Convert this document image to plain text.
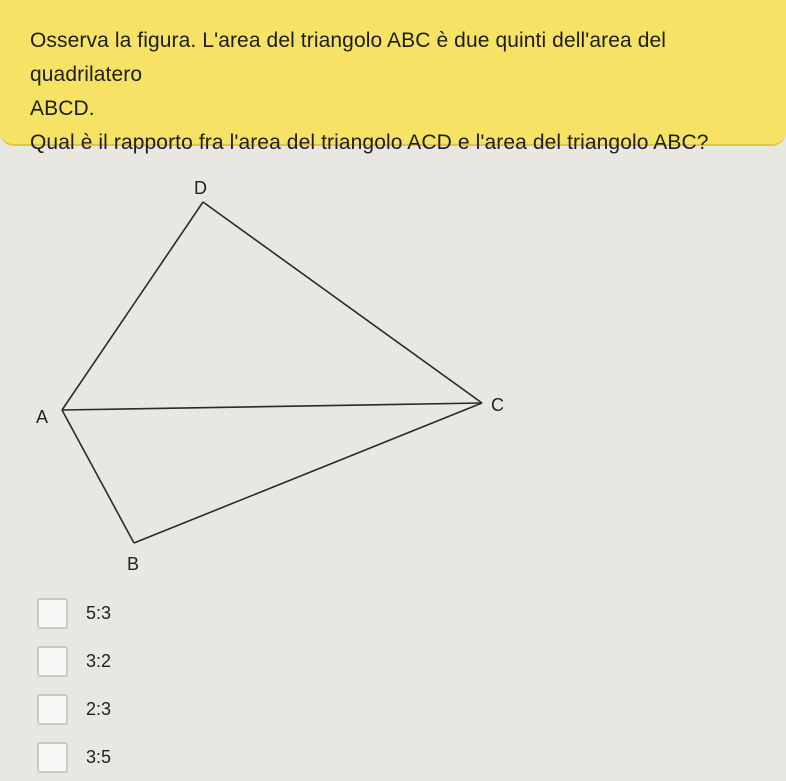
Osserva la figura. L'area del triangolo ABC è due quinti dell'area del quadrilatero

ABCD.

Qual è il rapporto fra l'area del triangolo ACD e l'area del triangolo ABC?

A
B
C
D
5:3
3:2
2:3
3:5
